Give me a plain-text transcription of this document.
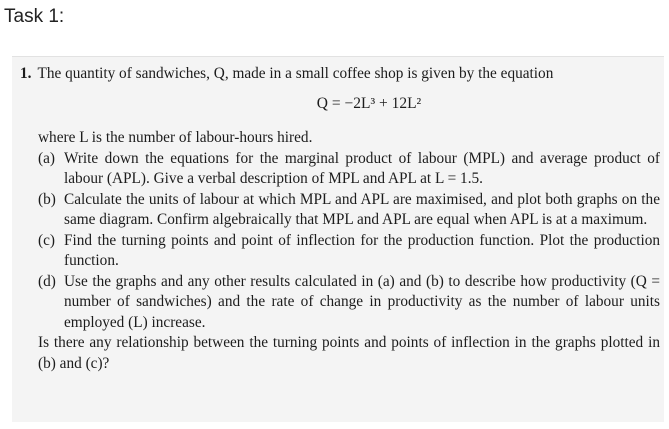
Task 1:

1. The quantity of sandwiches, Q, made in a small coffee shop is given by the equation

Q = −2L³ + 12L²

where L is the number of labour-hours hired.

(a) Write down the equations for the marginal product of labour (MPL) and average product of labour (APL). Give a verbal description of MPL and APL at L = 1.5.
(b) Calculate the units of labour at which MPL and APL are maximised, and plot both graphs on the same diagram. Confirm algebraically that MPL and APL are equal when APL is at a maximum.
(c) Find the turning points and point of inflection for the production function. Plot the production function.
(d) Use the graphs and any other results calculated in (a) and (b) to describe how productivity (Q = number of sandwiches) and the rate of change in productivity as the number of labour units employed (L) increase.

Is there any relationship between the turning points and points of inflection in the graphs plotted in (b) and (c)?
